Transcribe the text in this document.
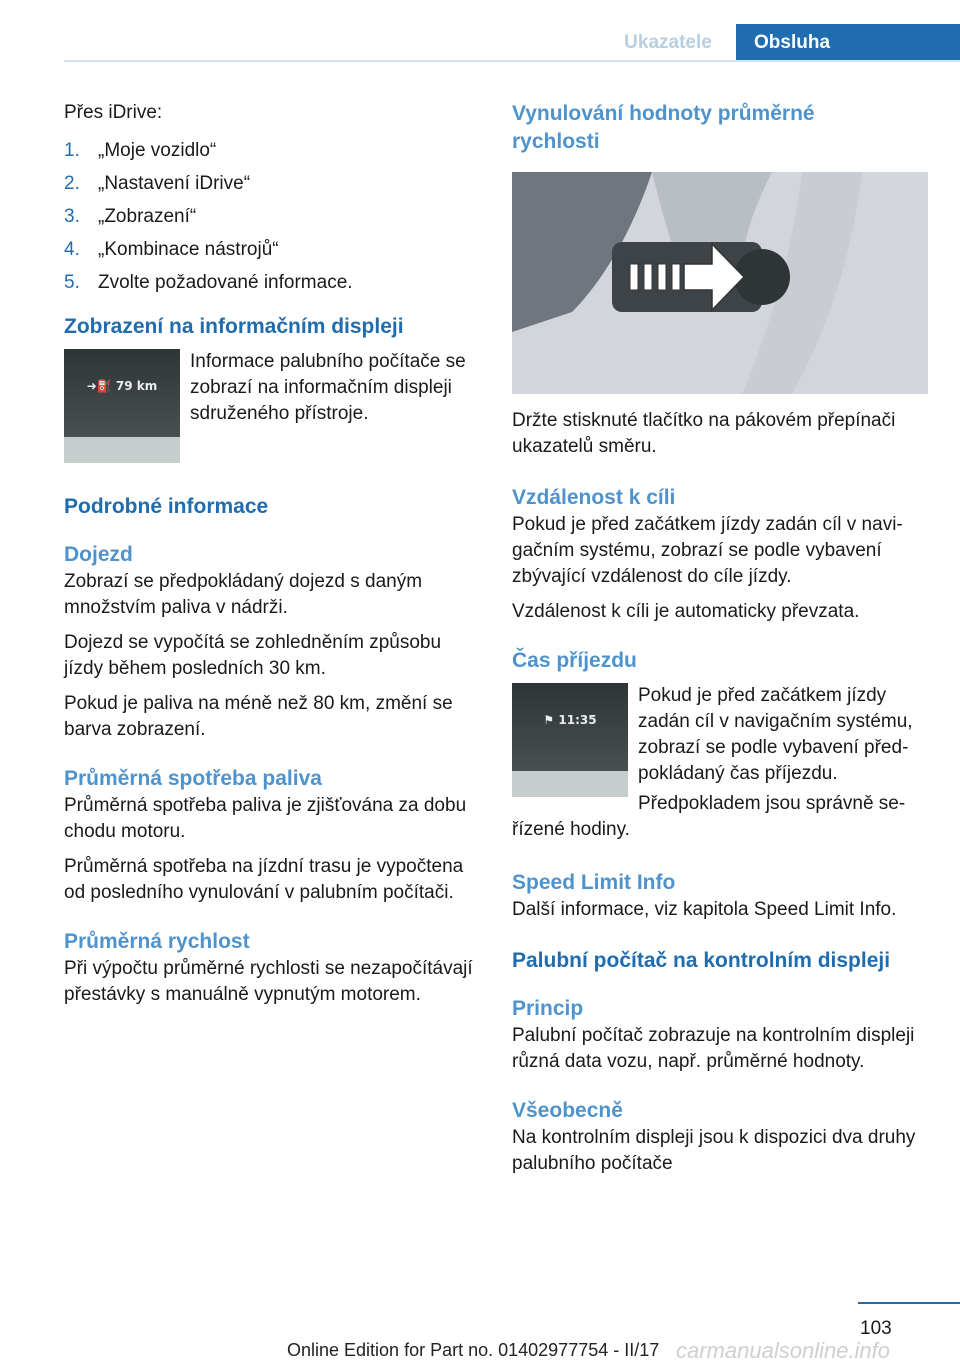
Ukazatele	Obsluha

Přes iDrive:

1. „Moje vozidlo“
2. „Nastavení iDrive“
3. „Zobrazení“
4. „Kombinace nástrojů“
5. Zvolte požadované informace.
Zobrazení na informačním displeji
➜⛽ 79 km

Informace palubního počítače se zobrazí na informačním displeji sdruženého přístroje.

Podrobné informace
Dojezd

Zobrazí se předpokládaný dojezd s daným množstvím paliva v nádrži.

Dojezd se vypočítá se zohledněním způsobu jízdy během posledních 30 km.

Pokud je paliva na méně než 80 km, změní se barva zobrazení.

Průměrná spotřeba paliva

Průměrná spotřeba paliva je zjišťována za dobu chodu motoru.

Průměrná spotřeba na jízdní trasu je vypočtena od posledního vynulování v palubním počítači.

Průměrná rychlost

Při výpočtu průměrné rychlosti se nezapočítávají přestávky s manuálně vypnutým motorem.

Vynulování hodnoty průměrné rychlosti

Držte stisknuté tlačítko na pákovém přepínači ukazatelů směru.

Vzdálenost k cíli

Pokud je před začátkem jízdy zadán cíl v navigačním systému, zobrazí se podle vybavení zbývající vzdálenost do cíle jízdy.

Vzdálenost k cíli je automaticky převzata.

Čas příjezdu
⚑ 11:35

Pokud je před začátkem jízdy zadán cíl v navigačním systému, zobrazí se podle vybavení předpokládaný čas příjezdu.

Předpokladem jsou správně seřízené hodiny.

Speed Limit Info

Další informace, viz kapitola Speed Limit Info.

Palubní počítač na kontrolním displeji
Princip

Palubní počítač zobrazuje na kontrolním displeji různá data vozu, např. průměrné hodnoty.

Všeobecně

Na kontrolním displeji jsou k dispozici dva druhy palubního počítače

103
Online Edition for Part no. 01402977754 - II/17 carmanualsonline.info
